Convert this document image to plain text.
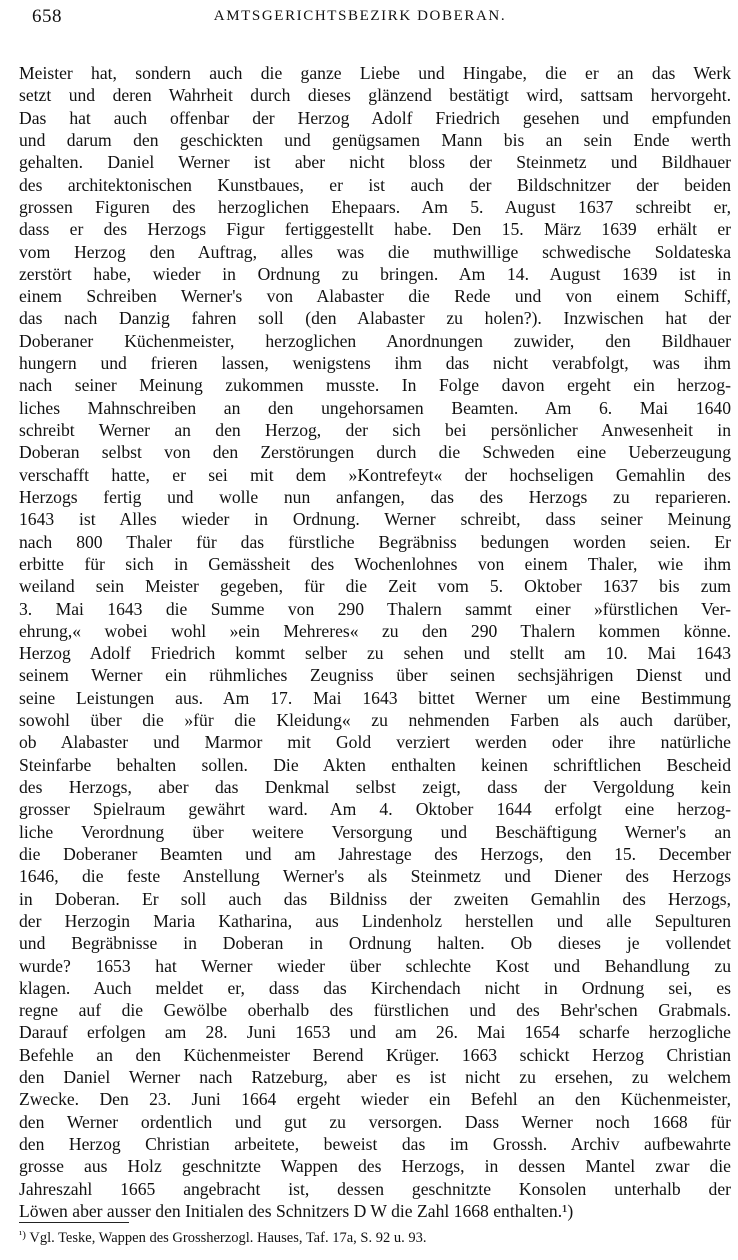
658	AMTSGERICHTSBEZIRK DOBERAN.
Meister hat, sondern auch die ganze Liebe und Hingabe, die er an das Werk
setzt und deren Wahrheit durch dieses glänzend bestätigt wird, sattsam hervorgeht.
Das hat auch offenbar der Herzog Adolf Friedrich gesehen und empfunden
und darum den geschickten und genügsamen Mann bis an sein Ende werth
gehalten. Daniel Werner ist aber nicht bloss der Steinmetz und Bildhauer
des architektonischen Kunstbaues, er ist auch der Bildschnitzer der beiden
grossen Figuren des herzoglichen Ehepaars. Am 5. August 1637 schreibt er,
dass er des Herzogs Figur fertiggestellt habe. Den 15. März 1639 erhält er
vom Herzog den Auftrag, alles was die muthwillige schwedische Soldateska
zerstört habe, wieder in Ordnung zu bringen. Am 14. August 1639 ist in
einem Schreiben Werner's von Alabaster die Rede und von einem Schiff,
das nach Danzig fahren soll (den Alabaster zu holen?). Inzwischen hat der
Doberaner Küchenmeister, herzoglichen Anordnungen zuwider, den Bildhauer
hungern und frieren lassen, wenigstens ihm das nicht verabfolgt, was ihm
nach seiner Meinung zukommen musste. In Folge davon ergeht ein herzog-
liches Mahnschreiben an den ungehorsamen Beamten. Am 6. Mai 1640
schreibt Werner an den Herzog, der sich bei persönlicher Anwesenheit in
Doberan selbst von den Zerstörungen durch die Schweden eine Ueberzeugung
verschafft hatte, er sei mit dem »Kontrefeyt« der hochseligen Gemahlin des
Herzogs fertig und wolle nun anfangen, das des Herzogs zu reparieren.
1643 ist Alles wieder in Ordnung. Werner schreibt, dass seiner Meinung
nach 800 Thaler für das fürstliche Begräbniss bedungen worden seien. Er
erbitte für sich in Gemässheit des Wochenlohnes von einem Thaler, wie ihm
weiland sein Meister gegeben, für die Zeit vom 5. Oktober 1637 bis zum
3. Mai 1643 die Summe von 290 Thalern sammt einer »fürstlichen Ver-
ehrung,« wobei wohl »ein Mehreres« zu den 290 Thalern kommen könne.
Herzog Adolf Friedrich kommt selber zu sehen und stellt am 10. Mai 1643
seinem Werner ein rühmliches Zeugniss über seinen sechsjährigen Dienst und
seine Leistungen aus. Am 17. Mai 1643 bittet Werner um eine Bestimmung
sowohl über die »für die Kleidung« zu nehmenden Farben als auch darüber,
ob Alabaster und Marmor mit Gold verziert werden oder ihre natürliche
Steinfarbe behalten sollen. Die Akten enthalten keinen schriftlichen Bescheid
des Herzogs, aber das Denkmal selbst zeigt, dass der Vergoldung kein
grosser Spielraum gewährt ward. Am 4. Oktober 1644 erfolgt eine herzog-
liche Verordnung über weitere Versorgung und Beschäftigung Werner's an
die Doberaner Beamten und am Jahrestage des Herzogs, den 15. December
1646, die feste Anstellung Werner's als Steinmetz und Diener des Herzogs
in Doberan. Er soll auch das Bildniss der zweiten Gemahlin des Herzogs,
der Herzogin Maria Katharina, aus Lindenholz herstellen und alle Sepulturen
und Begräbnisse in Doberan in Ordnung halten. Ob dieses je vollendet
wurde? 1653 hat Werner wieder über schlechte Kost und Behandlung zu
klagen. Auch meldet er, dass das Kirchendach nicht in Ordnung sei, es
regne auf die Gewölbe oberhalb des fürstlichen und des Behr'schen Grabmals.
Darauf erfolgen am 28. Juni 1653 und am 26. Mai 1654 scharfe herzogliche
Befehle an den Küchenmeister Berend Krüger. 1663 schickt Herzog Christian
den Daniel Werner nach Ratzeburg, aber es ist nicht zu ersehen, zu welchem
Zwecke. Den 23. Juni 1664 ergeht wieder ein Befehl an den Küchenmeister,
den Werner ordentlich und gut zu versorgen. Dass Werner noch 1668 für
den Herzog Christian arbeitete, beweist das im Grossh. Archiv aufbewahrte
grosse aus Holz geschnitzte Wappen des Herzogs, in dessen Mantel zwar die
Jahreszahl 1665 angebracht ist, dessen geschnitzte Konsolen unterhalb der
Löwen aber ausser den Initialen des Schnitzers D W die Zahl 1668 enthalten.¹)
$^{^1)}$ Vgl. Teske, Wappen des Grossherzogl. Hauses, Taf. 17a, S. 92 u. 93.
